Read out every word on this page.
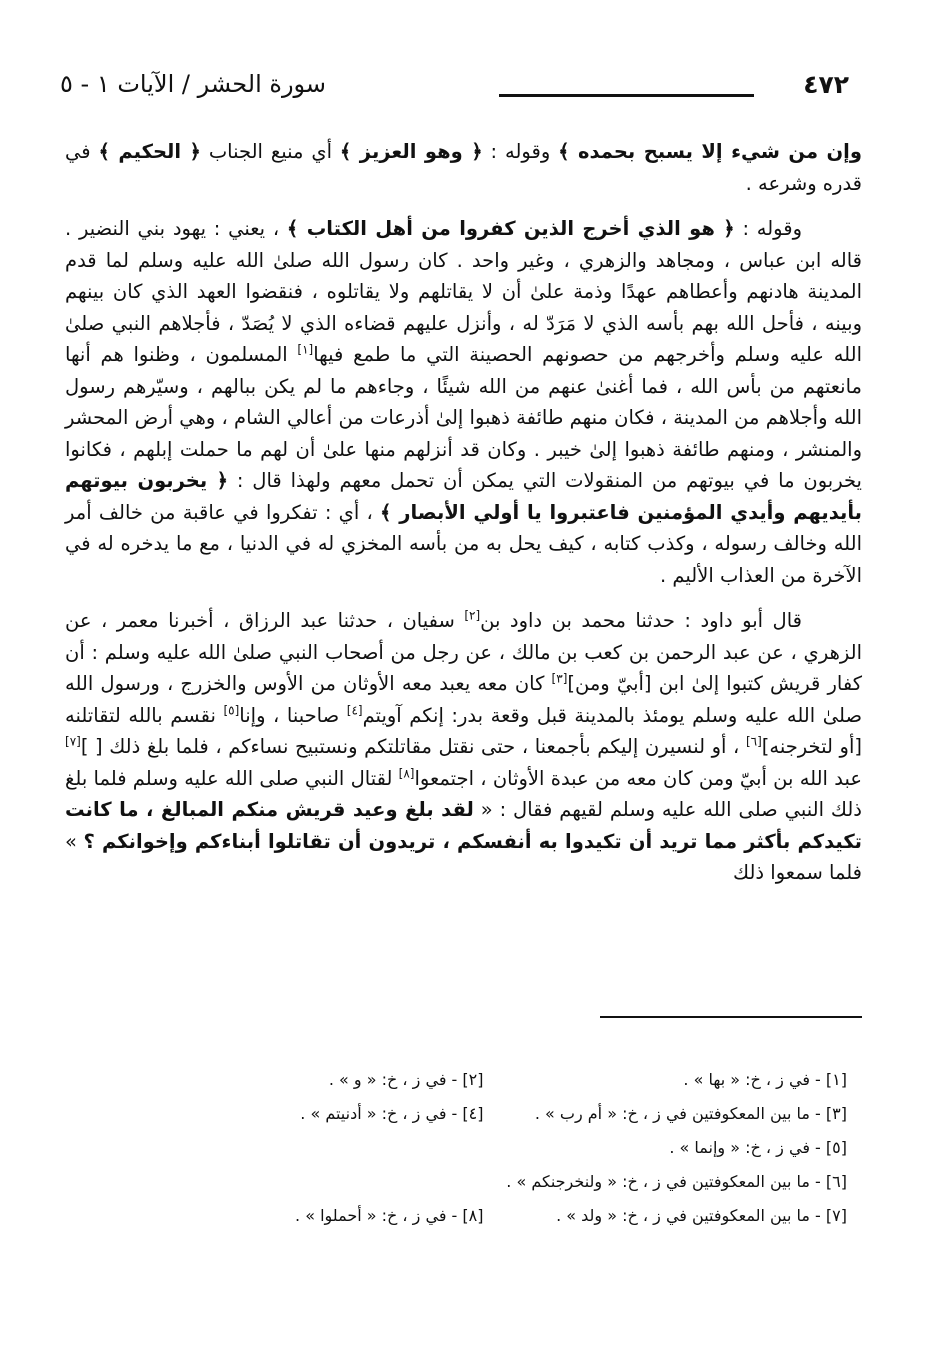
٤٧٢
سورة الحشر / الآيات ١ - ٥

وإن من شيء إلا يسبح بحمده ﴾ وقوله : ﴿ وهو العزيز ﴾ أي منيع الجناب ﴿ الحكيم ﴾ في قدره وشرعه .

وقوله : ﴿ هو الذي أخرج الذين كفروا من أهل الكتاب ﴾ ، يعني : يهود بني النضير . قاله ابن عباس ، ومجاهد والزهري ، وغير واحد . كان رسول الله صلىٰ الله عليه وسلم لما قدم المدينة هادنهم وأعطاهم عهدًا وذمة علىٰ أن لا يقاتلهم ولا يقاتلوه ، فنقضوا العهد الذي كان بينهم وبينه ، فأحل الله بهم بأسه الذي لا مَرَدّ له ، وأنزل عليهم قضاءه الذي لا يُصَدّ ، فأجلاهم النبي صلىٰ الله عليه وسلم وأخرجهم من حصونهم الحصينة التي ما طمع فيها[١] المسلمون ، وظنوا هم أنها مانعتهم من بأس الله ، فما أغنىٰ عنهم من الله شيئًا ، وجاءهم ما لم يكن ببالهم ، وسيّرهم رسول الله وأجلاهم من المدينة ، فكان منهم طائفة ذهبوا إلىٰ أذرعات من أعالي الشام ، وهي أرض المحشر والمنشر ، ومنهم طائفة ذهبوا إلىٰ خيبر . وكان قد أنزلهم منها علىٰ أن لهم ما حملت إبلهم ، فكانوا يخربون ما في بيوتهم من المنقولات التي يمكن أن تحمل معهم ولهذا قال : ﴿ يخربون بيوتهم بأيديهم وأيدي المؤمنين فاعتبروا يا أولي الأبصار ﴾ ، أي : تفكروا في عاقبة من خالف أمر الله وخالف رسوله ، وكذب كتابه ، كيف يحل به من بأسه المخزي له في الدنيا ، مع ما يدخره له في الآخرة من العذاب الأليم .

قال أبو داود : حدثنا محمد بن داود بن[٢] سفيان ، حدثنا عبد الرزاق ، أخبرنا معمر ، عن الزهري ، عن عبد الرحمن بن كعب بن مالك ، عن رجل من أصحاب النبي صلىٰ الله عليه وسلم : أن كفار قريش كتبوا إلىٰ ابن [أبيّ ومن][٣] كان معه يعبد معه الأوثان من الأوس والخزرج ، ورسول الله صلىٰ الله عليه وسلم يومئذ بالمدينة قبل وقعة بدر: إنكم آويتم[٤] صاحبنا ، وإنا[٥] نقسم بالله لتقاتلنه [أو لتخرجنه][٦] ، أو لنسيرن إليكم بأجمعنا ، حتى نقتل مقاتلتكم ونستبيح نساءكم ، فلما بلغ ذلك [ ][٧] عبد الله بن أبيّ ومن كان معه من عبدة الأوثان ، اجتمعوا[٨] لقتال النبي صلى الله عليه وسلم فلما بلغ ذلك النبي صلى الله عليه وسلم لقيهم فقال : « لقد بلغ وعيد قريش منكم المبالغ ، ما كانت تكيدكم بأكثر مما تريد أن تكيدوا به أنفسكم ، تريدون أن تقاتلوا أبناءكم وإخوانكم ؟ » فلما سمعوا ذلك

[١] - في ز ، خ: « بها » .
[٢] - في ز ، خ: « و » .
[٣] - ما بين المعكوفتين في ز ، خ: « أم رب » .
[٤] - في ز ، خ: « أدنيتم » .
[٥] - في ز ، خ: « وإنما » .
[٦] - ما بين المعكوفتين في ز ، خ: « ولنخرجنكم » .
[٧] - ما بين المعكوفتين في ز ، خ: « ولد » .
[٨] - في ز ، خ: « أحملوا » .
